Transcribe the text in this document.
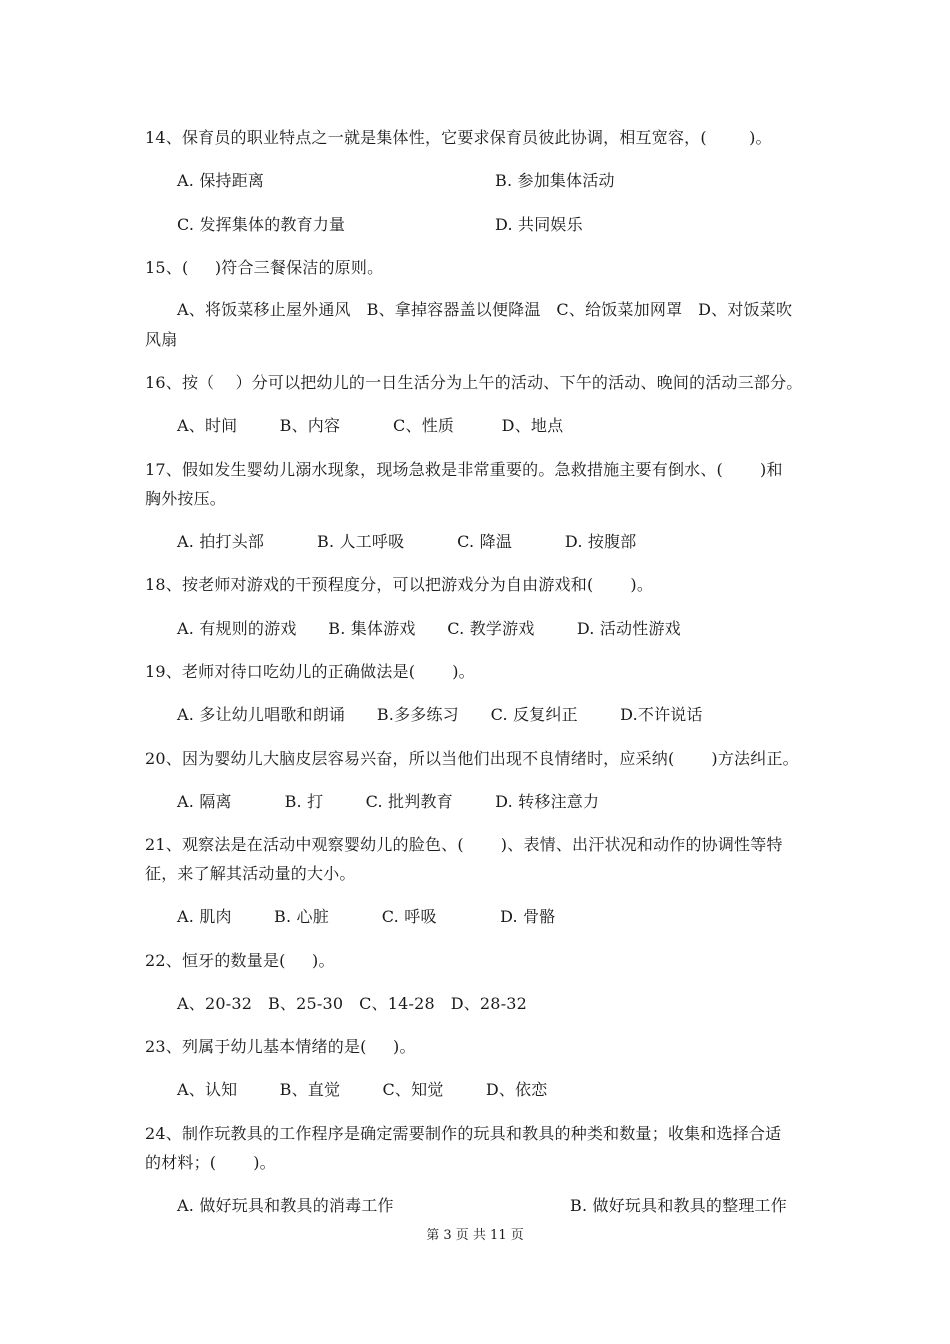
14、保育员的职业特点之一就是集体性，它要求保育员彼此协调，相互宽容，(        )。
A. 保持距离	B. 参加集体活动
C. 发挥集体的教育力量	D. 共同娱乐
15、(     )符合三餐保洁的原则。
A、将饭菜移止屋外通风   B、拿掉容器盖以便降温   C、给饭菜加网罩   D、对饭菜吹
风扇
16、按（    ）分可以把幼儿的一日生活分为上午的活动、下午的活动、晚间的活动三部分。
A、时间        B、内容          C、性质         D、地点
17、假如发生婴幼儿溺水现象，现场急救是非常重要的。急救措施主要有倒水、(       )和
胸外按压。
A. 拍打头部          B. 人工呼吸          C. 降温          D. 按腹部
18、按老师对游戏的干预程度分，可以把游戏分为自由游戏和(       )。
A. 有规则的游戏      B. 集体游戏      C. 教学游戏        D. 活动性游戏
19、老师对待口吃幼儿的正确做法是(       )。
A. 多让幼儿唱歌和朗诵      B.多多练习      C. 反复纠正        D.不许说话
20、因为婴幼儿大脑皮层容易兴奋，所以当他们出现不良情绪时，应采纳(       )方法纠正。
A. 隔离          B. 打        C. 批判教育        D. 转移注意力
21、观察法是在活动中观察婴幼儿的脸色、(       )、表情、出汗状况和动作的协调性等特
征，来了解其活动量的大小。
A. 肌肉        B. 心脏          C. 呼吸            D. 骨骼
22、恒牙的数量是(     )。
A、20-32   B、25-30   C、14-28   D、28-32
23、列属于幼儿基本情绪的是(     )。
A、认知        B、直觉        C、知觉        D、依恋
24、制作玩教具的工作程序是确定需要制作的玩具和教具的种类和数量；收集和选择合适
的材料；(       )。
A. 做好玩具和教具的消毒工作	B. 做好玩具和教具的整理工作
第 3 页 共 11 页
